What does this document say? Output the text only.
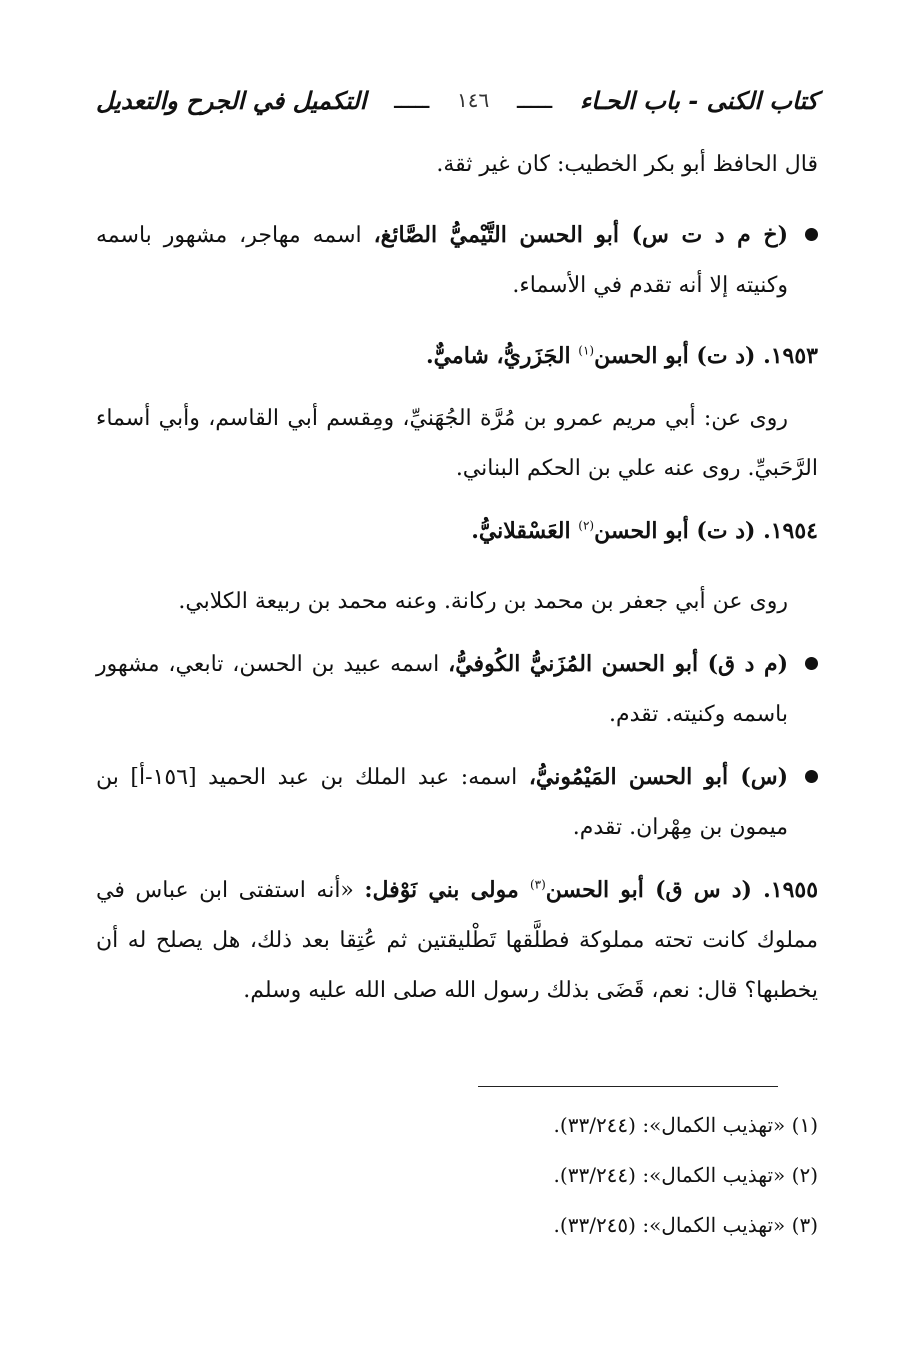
كتاب الكنى - باب الحـاء
ـــــ
١٤٦
ـــــ
التكميل في الجرح والتعديل

قال الحافظ أبو بكر الخطيب: كان غير ثقة.

(خ م د ت س) أبو الحسن التَّيْميُّ الصَّائغ، اسمه مهاجر، مشهور باسمه وكنيته إلا أنه تقدم في الأسماء.

١٩٥٣. (د ت) أبو الحسن$^{(١)}$ الجَزَريُّ، شاميٌّ.

روى عن: أبي مريم عمرو بن مُرَّة الجُهَنيِّ، ومِقسم أبي القاسم، وأبي أسماء الرَّحَبيِّ. روى عنه علي بن الحكم البناني.

١٩٥٤. (د ت) أبو الحسن$^{(٢)}$ العَسْقلانيُّ.

روى عن أبي جعفر بن محمد بن ركانة. وعنه محمد بن ربيعة الكلابي.

(م د ق) أبو الحسن المُزَنيُّ الكُوفيُّ، اسمه عبيد بن الحسن، تابعي، مشهور باسمه وكنيته. تقدم.
(س) أبو الحسن المَيْمُونيُّ، اسمه: عبد الملك بن عبد الحميد [١٥٦-أ] بن ميمون بن مِهْران. تقدم.

١٩٥٥. (د س ق) أبو الحسن$^{(٣)}$ مولى بني نَوْفل: «أنه استفتى ابن عباس في مملوك كانت تحته مملوكة فطلَّقها تَطْليقتين ثم عُتِقا بعد ذلك، هل يصلح له أن يخطبها؟ قال: نعم، قَضَى بذلك رسول الله صلى الله عليه وسلم.

(١) «تهذيب الكمال»: (٣٣/٢٤٤).

(٢) «تهذيب الكمال»: (٣٣/٢٤٤).

(٣) «تهذيب الكمال»: (٣٣/٢٤٥).
